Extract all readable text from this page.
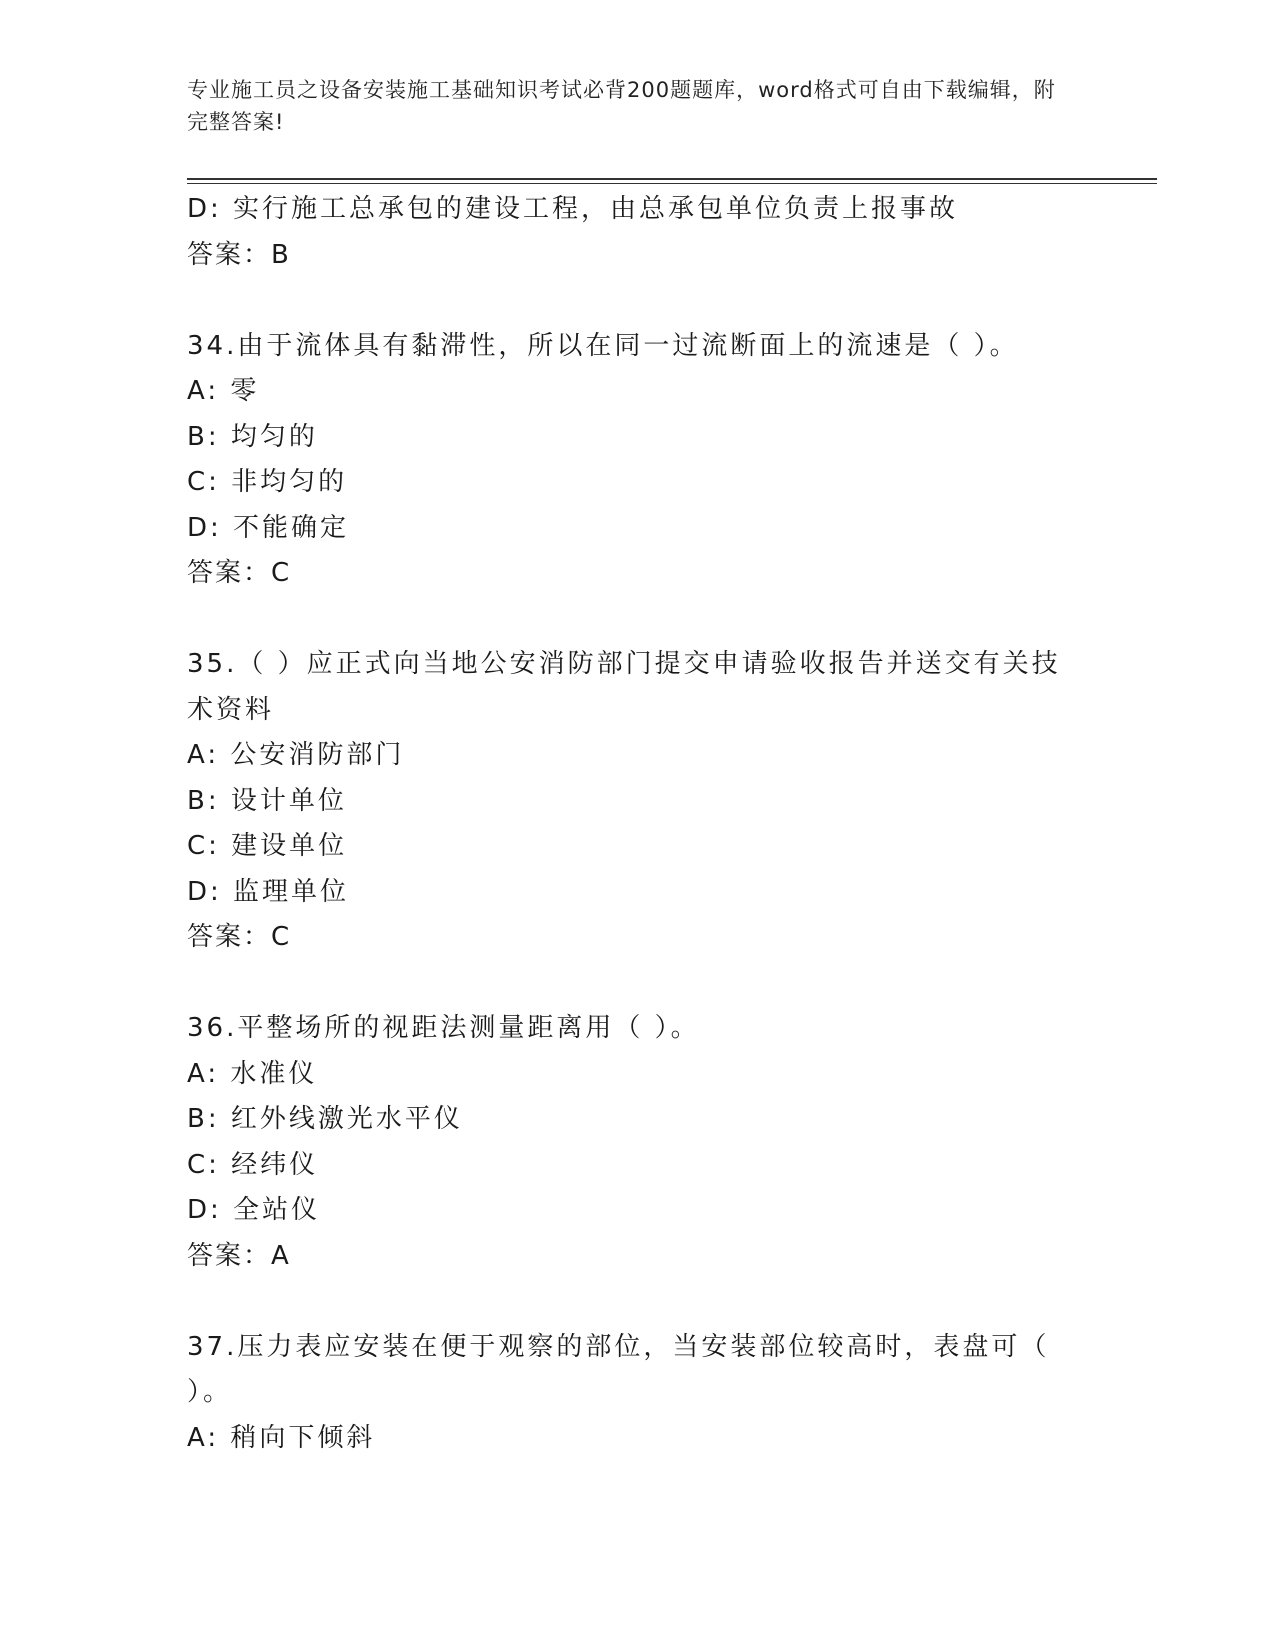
专业施工员之设备安装施工基础知识考试必背200题题库，word格式可自由下载编辑，附完整答案!
D: 实行施工总承包的建设工程，由总承包单位负责上报事故
答案：B
34.由于流体具有黏滞性，所以在同一过流断面上的流速是（ ）。
A: 零
B: 均匀的
C: 非均匀的
D: 不能确定
答案：C
35.（ ）应正式向当地公安消防部门提交申请验收报告并送交有关技
术资料
A: 公安消防部门
B: 设计单位
C: 建设单位
D: 监理单位
答案：C
36.平整场所的视距法测量距离用（ ）。
A: 水准仪
B: 红外线激光水平仪
C: 经纬仪
D: 全站仪
答案：A
37.压力表应安装在便于观察的部位，当安装部位较高时，表盘可（
）。
A: 稍向下倾斜
